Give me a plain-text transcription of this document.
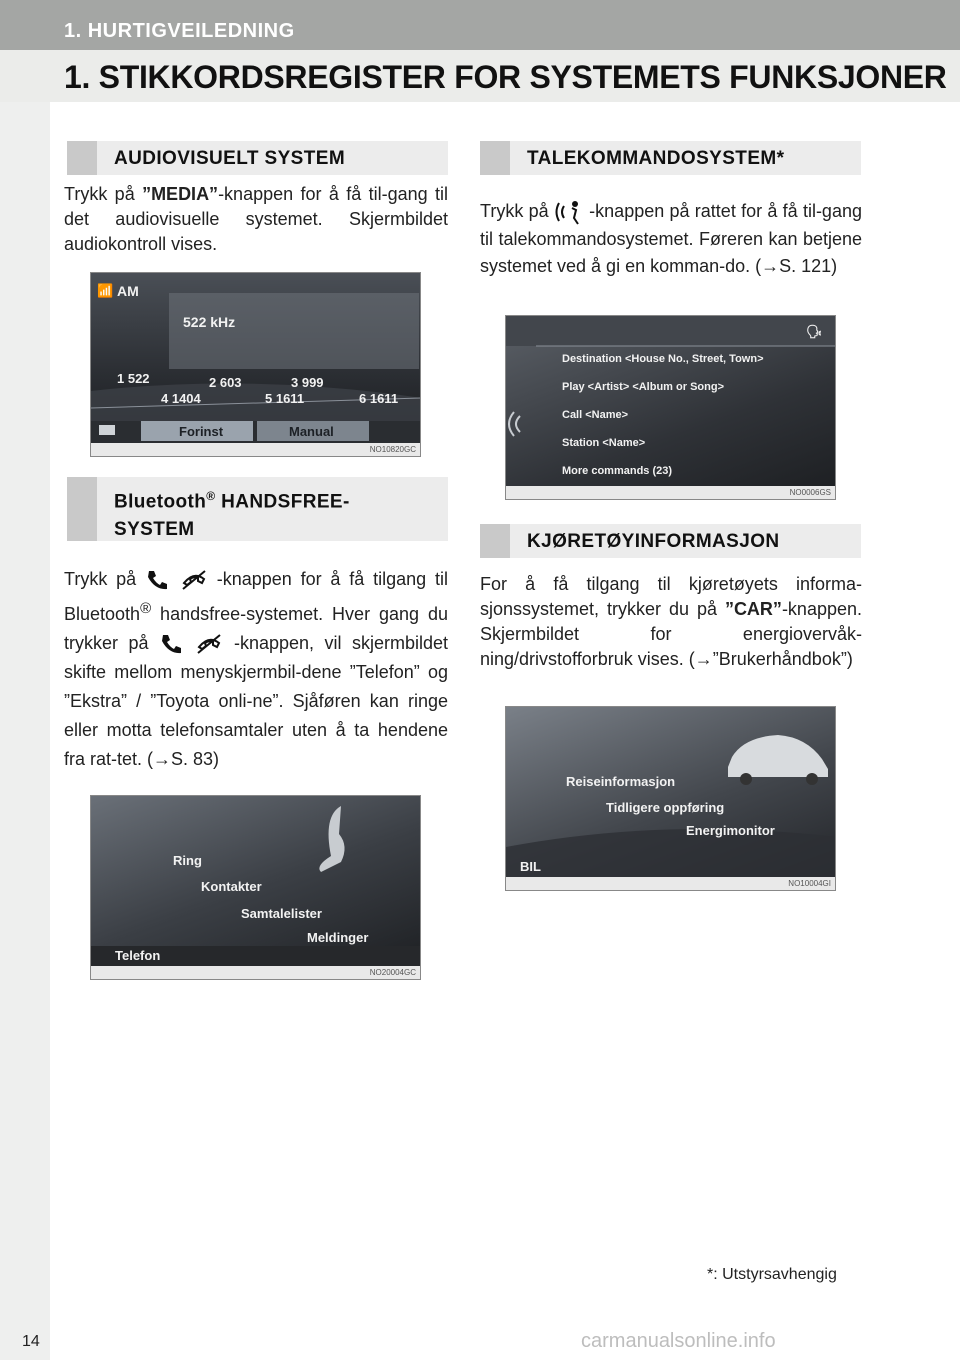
1. HURTIGVEILEDNING
1. STIKKORDSREGISTER FOR SYSTEMETS FUNKSJONER
AUDIOVISUELT SYSTEM
Trykk på ”MEDIA”-knappen for å få til-gang til det audiovisuelle systemet. Skjermbildet audiokontroll vises.
📶 AM
522 kHz
1 522	2 603	3 999
4 1404	5 1611	6 1611
Forinst	Manual
NO10820GC
Bluetooth® HANDSFREE-SYSTEM
Trykk på	-knappen for å få tilgang til Bluetooth® handsfree-systemet. Hver gang du trykker på	-knappen, vil skjermbildet skifte mellom menyskjermbil-dene ”Telefon” og ”Ekstra” / ”Toyota onli-ne”. Sjåføren kan ringe eller motta telefonsamtaler uten å ta hendene fra rat-tet. (→S. 83)
Ring
Kontakter
Samtalelister
Meldinger
Telefon
NO20004GC
TALEKOMMANDOSYSTEM*
Trykk på  -knappen på rattet for å få til-gang til talekommandosystemet. Føreren kan betjene systemet ved å gi en komman-do. (→S. 121)
🗣
Destination <House No., Street, Town>
Play <Artist> <Album or Song>
Call <Name>
Station <Name>
More commands (23)
NO0006GS
KJØRETØYINFORMASJON
For å få tilgang til kjøretøyets informa-sjonssystemet, trykker du på ”CAR”-knappen. Skjermbildet for energiovervåk-ning/drivstofforbruk vises. (→”Brukerhåndbok”)
Reiseinformasjon
Tidligere oppføring
Energimonitor
BIL
NO10004GI
*: Utstyrsavhengig
14	carmanualsonline.info
